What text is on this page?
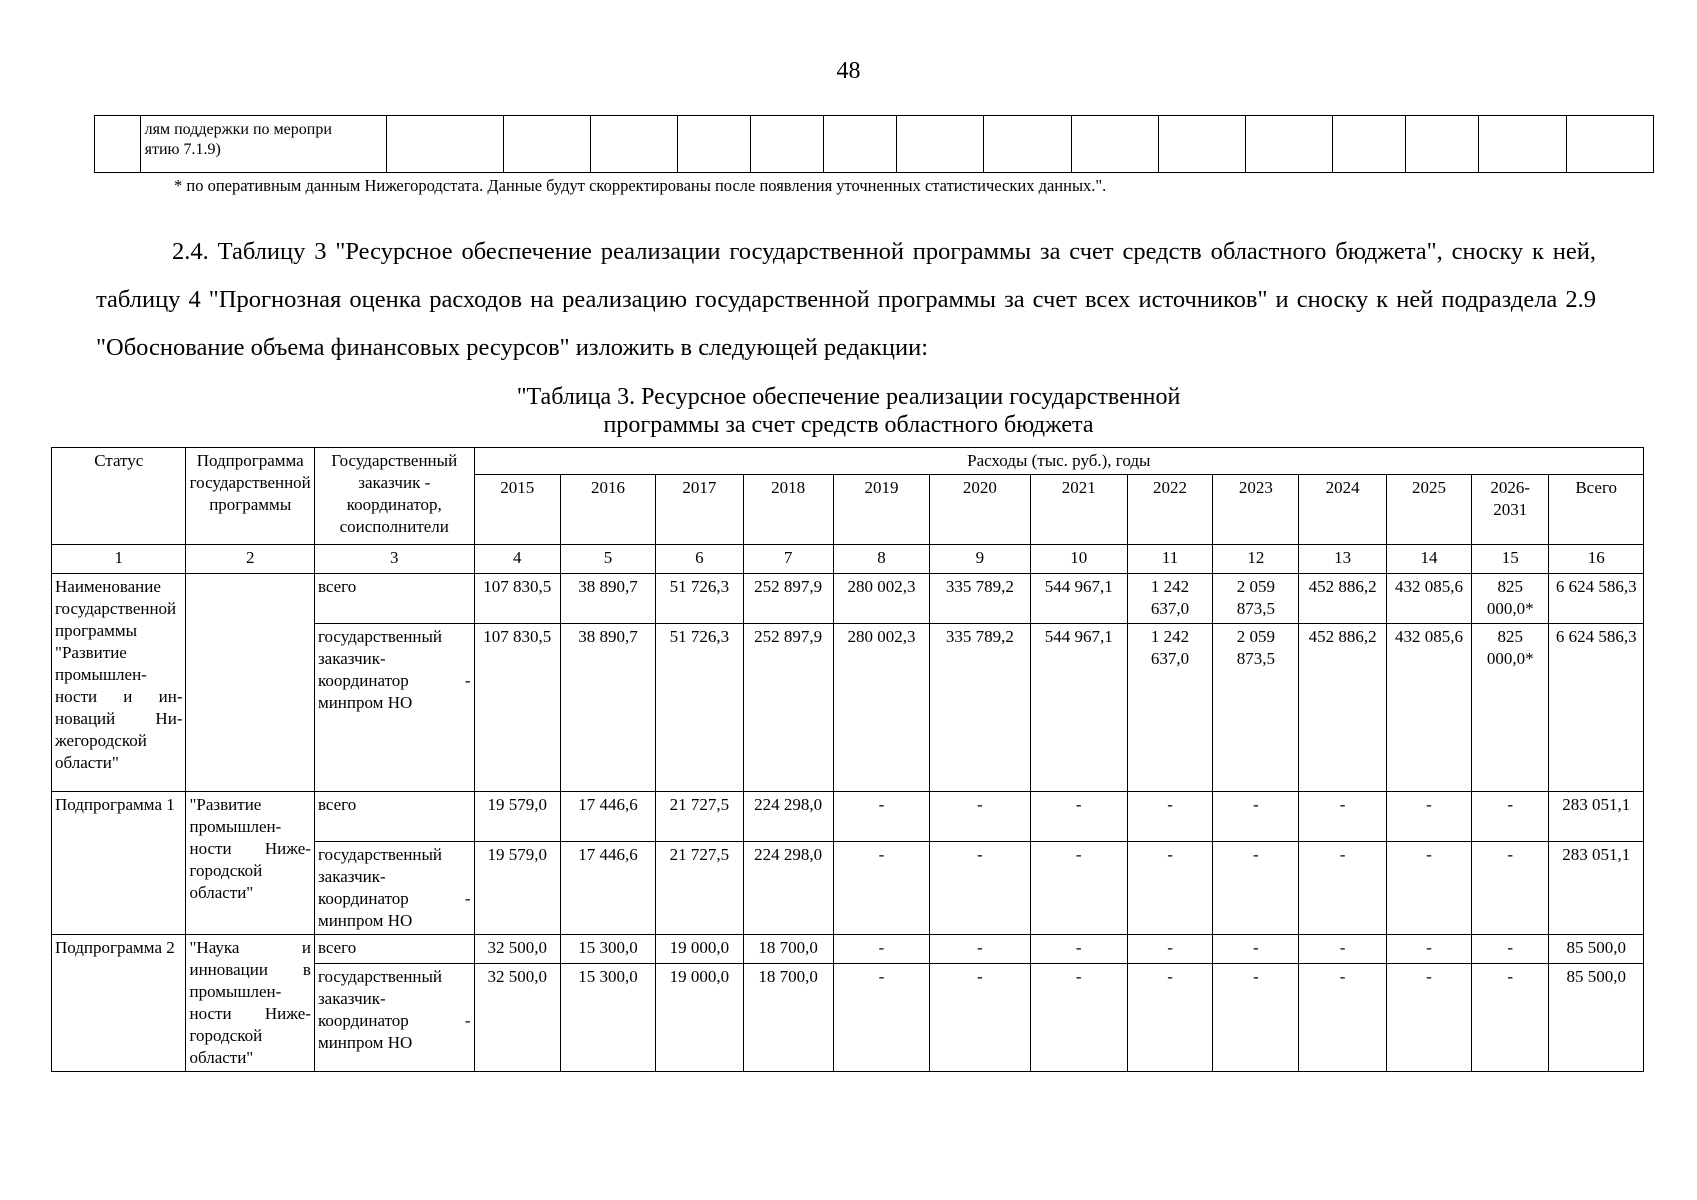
48

лям поддержки по меропри
ятию 7.1.9)

* по оперативным данным Нижегородстата. Данные будут скорректированы после появления уточненных статистических данных.".
2.4. Таблицу 3 "Ресурсное обеспечение реализации государственной программы за счет средств областного бюджета", сноску к ней, таблицу 4 "Прогнозная оценка расходов на реализацию государственной программы за счет всех источников" и сноску к ней подраздела 2.9 "Обоснование объема финансовых ресурсов" изложить в следующей редакции:
"Таблица 3. Ресурсное обеспечение реализации государственной
программы за счет средств областного бюджета
Статус	Подпрограмма государственной программы	Государственный заказчик - координатор, соисполнители	Расходы (тыс. руб.), годы												
			2015	2016	2017	2018	2019	2020	2021	2022	2023	2024	2025	2026-2031	Всего
1	2	3	4	5	6	7	8	9	10	11	12	13	14	15	16
Наименование государственной программы "Развитие промышленности и инноваций Нижегородской области"		всего	107 830,5	38 890,7	51 726,3	252 897,9	280 002,3	335 789,2	544 967,1	1 242 637,0	2 059 873,5	452 886,2	432 085,6	825 000,0*	6 624 586,3
		государственный заказчик-координатор - минпром НО	107 830,5	38 890,7	51 726,3	252 897,9	280 002,3	335 789,2	544 967,1	1 242 637,0	2 059 873,5	452 886,2	432 085,6	825 000,0*	6 624 586,3
Подпрограмма 1	"Развитие промышленности Нижегородской области"	всего	19 579,0	17 446,6	21 727,5	224 298,0	-	-	-	-	-	-	-	-	283 051,1
		государственный заказчик-координатор - минпром НО	19 579,0	17 446,6	21 727,5	224 298,0	-	-	-	-	-	-	-	-	283 051,1
Подпрограмма 2	"Наука и инновации в промышленности Нижегородской области"	всего	32 500,0	15 300,0	19 000,0	18 700,0	-	-	-	-	-	-	-	-	85 500,0
		государственный заказчик-координатор - минпром НО	32 500,0	15 300,0	19 000,0	18 700,0	-	-	-	-	-	-	-	-	85 500,0
